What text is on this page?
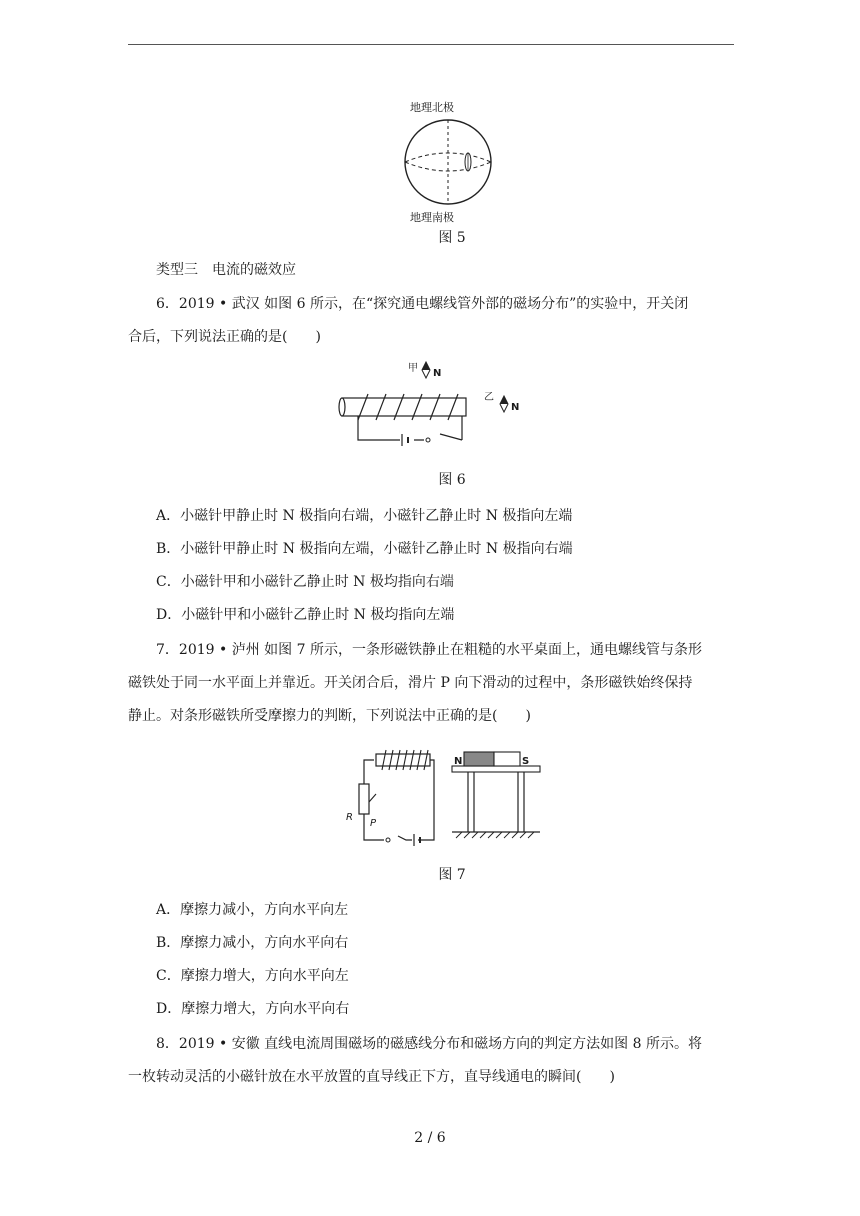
地理北极
地理南极
图 5
类型三　电流的磁效应
6．2019 • 武汉 如图 6 所示，在“探究通电螺线管外部的磁场分布”的实验中，开关闭
合后，下列说法正确的是(　　)
甲 N
乙
N
图 6
A．小磁针甲静止时 N 极指向右端，小磁针乙静止时 N 极指向左端
B．小磁针甲静止时 N 极指向左端，小磁针乙静止时 N 极指向右端
C．小磁针甲和小磁针乙静止时 N 极均指向右端
D．小磁针甲和小磁针乙静止时 N 极均指向左端
7．2019 • 泸州 如图 7 所示，一条形磁铁静止在粗糙的水平桌面上，通电螺线管与条形
磁铁处于同一水平面上并靠近。开关闭合后，滑片 P 向下滑动的过程中，条形磁铁始终保持
静止。对条形磁铁所受摩擦力的判断，下列说法中正确的是(　　)
R
P
N	S
图 7
A．摩擦力减小，方向水平向左
B．摩擦力减小，方向水平向右
C．摩擦力增大，方向水平向左
D．摩擦力增大，方向水平向右
8．2019 • 安徽 直线电流周围磁场的磁感线分布和磁场方向的判定方法如图 8 所示。将
一枚转动灵活的小磁针放在水平放置的直导线正下方，直导线通电的瞬间(　　)
2 / 6
